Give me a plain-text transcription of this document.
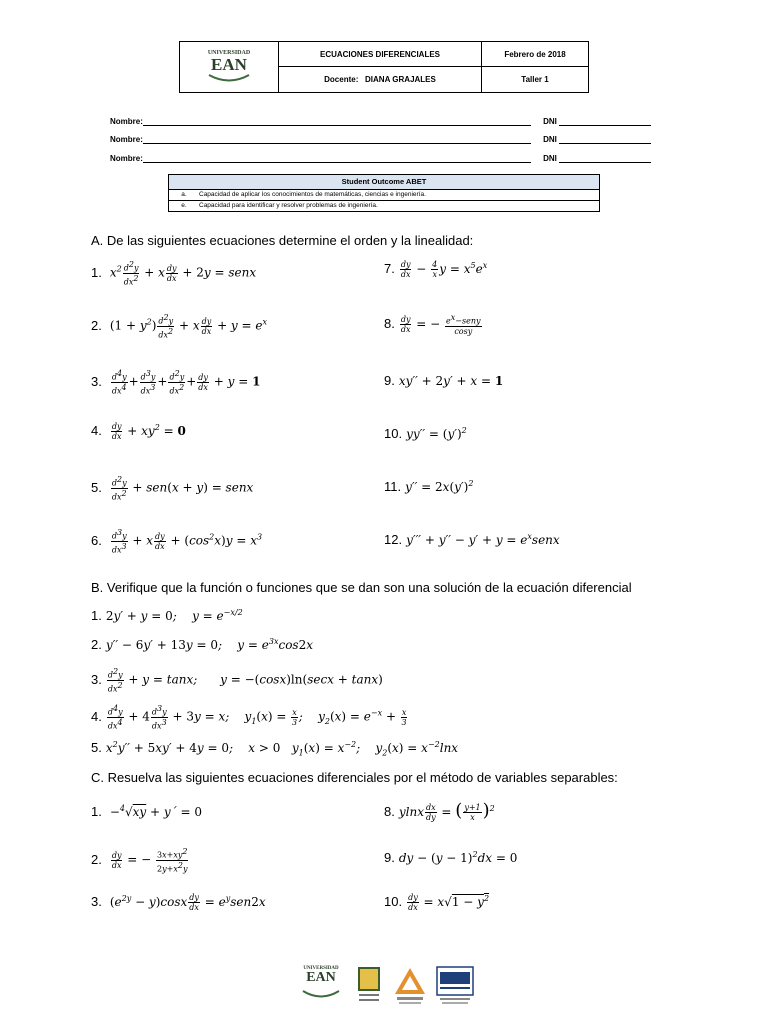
UNIVERSIDAD
EAN
ECUACIONES DIFERENCIALES	Febrero de 2018
Docente:
DIANA GRAJALES	Taller 1
Nombre:	DNI
Nombre:	DNI
Nombre:	DNI
Student Outcome ABET
a.	Capacidad de aplicar los conocimientos de matemáticas, ciencias e ingeniería.
e.	Capacidad para identificar y resolver problemas de ingeniería.
A. De las siguientes ecuaciones determine el orden y la linealidad:
1. $x^2 \frac{d^2y}{dx^2} + x \frac{dy}{dx} + 2y$ = senx	7. $\frac{dy}{dx} - \frac{4}{x}$ $y = x^5e^x$
2. $(1 + y^2) \frac{d^2y}{dx^2} + x \frac{dy}{dx} + y = e^x$	8. $\frac{dy}{dx}$ = − $e^x-seny$
cosy
3. $\frac{d^4y}{dx^4} + \frac{d^3y}{dx^3} + \frac{d^2y}{dx^2} + \frac{dy}{dx} + y = 1$	9. xy′′ + 2y′ + x = 1
4. $\frac{dy}{dx} + xy^2 = 0$	10. $yy'' = (y')^2$
5. $\frac{d^2y}{dx^2} + sen(x + y)$ = senx	11. $y'' = 2x(y')^2$
6. $\frac{d^3y}{dx^3} + x \frac{dy}{dx} + (\cos^2x)y = x^3$	12. $y''' + y'' - y' + y = e^xsenx$
B. Verifique que la función o funciones que se dan son una solución de la ecuación diferencial
1. 2y′ + y = 0;    $y = e^{-x/2}$
2. y′′ − 6y′ + 13y = 0;    $y = e^{3x}\cos 2x$
3. $\frac{d^2y}{dx^2} + y = \tan x$;      y = −(cosx)ln(secx + tanx)
4. $\frac{d^4y}{dx^4} + 4 \frac{d^3y}{dx^3} + 3y = x$;    $y_1(x) = \frac{x}{3}$ ;    $y_2(x) = e^{-x} + \frac{x}{3}$
5. $x^2y'' + 5xy' + 4y = 0$;    x > 0   $y_1(x) = x^{-2}$;    $y_2(x) = x^{-2}\ln x$
C. Resuelva las siguientes ecuaciones diferenciales por el método de variables separables:
1. −$^4$√xy + y´ = 0	8. ylnx $\frac{dx}{dy}$ = ( $\frac{y+1}{x} )^2$
2. $\frac{dy}{dx}$ = − $\frac{3x+xy^2}{2y+x^2y}$	9. dy − $(y - 1)^2dx = 0$
3. $(e^{2y} - y)\cos x \frac{dy}{dx} = e^ysen2x$	10. $\frac{dy}{dx} = x√1 - y^2$
UNIVERSIDAD
EAN
